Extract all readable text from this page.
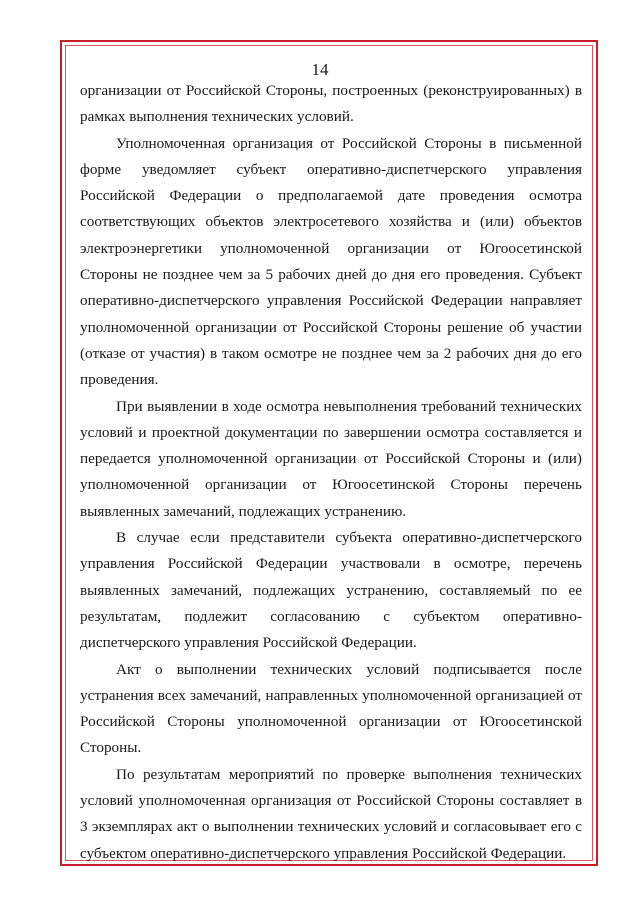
14

организации от Российской Стороны, построенных (реконструированных) в рамках выполнения технических условий.

Уполномоченная организация от Российской Стороны в письменной форме уведомляет субъект оперативно-диспетчерского управления Российской Федерации о предполагаемой дате проведения осмотра соответствующих объектов электросетевого хозяйства и (или) объектов электроэнергетики уполномоченной организации от Югоосетинской Стороны не позднее чем за 5 рабочих дней до дня его проведения. Субъект оперативно-диспетчерского управления Российской Федерации направляет уполномоченной организации от Российской Стороны решение об участии (отказе от участия) в таком осмотре не позднее чем за 2 рабочих дня до его проведения.

При выявлении в ходе осмотра невыполнения требований технических условий и проектной документации по завершении осмотра составляется и передается уполномоченной организации от Российской Стороны и (или) уполномоченной организации от Югоосетинской Стороны перечень выявленных замечаний, подлежащих устранению.

В случае если представители субъекта оперативно-диспетчерского управления Российской Федерации участвовали в осмотре, перечень выявленных замечаний, подлежащих устранению, составляемый по ее результатам, подлежит согласованию с субъектом оперативно-диспетчерского управления Российской Федерации.

Акт о выполнении технических условий подписывается после устранения всех замечаний, направленных уполномоченной организацией от Российской Стороны уполномоченной организации от Югоосетинской Стороны.

По результатам мероприятий по проверке выполнения технических условий уполномоченная организация от Российской Стороны составляет в 3 экземплярах акт о выполнении технических условий и согласовывает его с субъектом оперативно-диспетчерского управления Российской Федерации.
